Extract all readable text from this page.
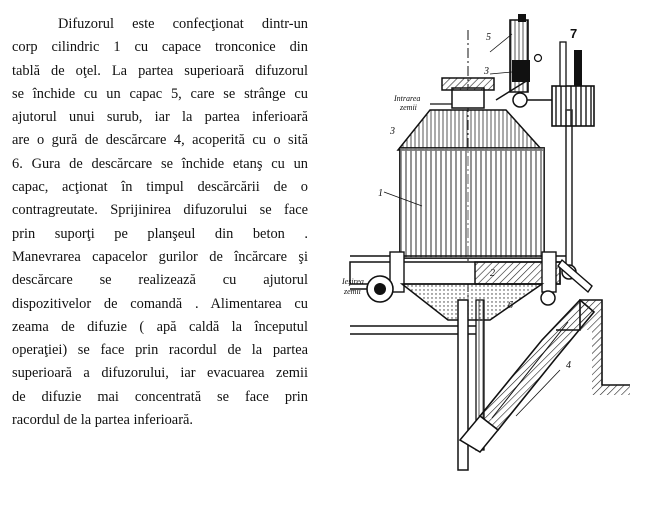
Difuzorul este confecţionat dintr-un
corp cilindric 1 cu capace tronconice din
tablă de oţel. La partea superioară difuzorul
se închide cu un capac 5, care se strânge cu
ajutorul unui surub, iar la partea inferioară
are o gură de descărcare 4, acoperită cu o sită
6. Gura de descărcare se închide etanş cu un
capac, acţionat în timpul descărcării de o
contragreutate. Sprijinirea difuzorului se face
prin suporţi pe planşeul din beton .
Manevrarea capacelor gurilor de încărcare şi
descărcare se realizează cu ajutorul
dispozitivelor de comandă . Alimentarea cu
zeama de difuzie ( apă caldă la începutul
operaţiei) se face prin racordul de la partea
superioară a difuzorului, iar evacuarea zemii
de difuzie mai concentrată se face prin
racordul de la partea inferioară.
5
3
7
Intrarea
zemii
3
1
2
Ieşirea
zemii
6
4
